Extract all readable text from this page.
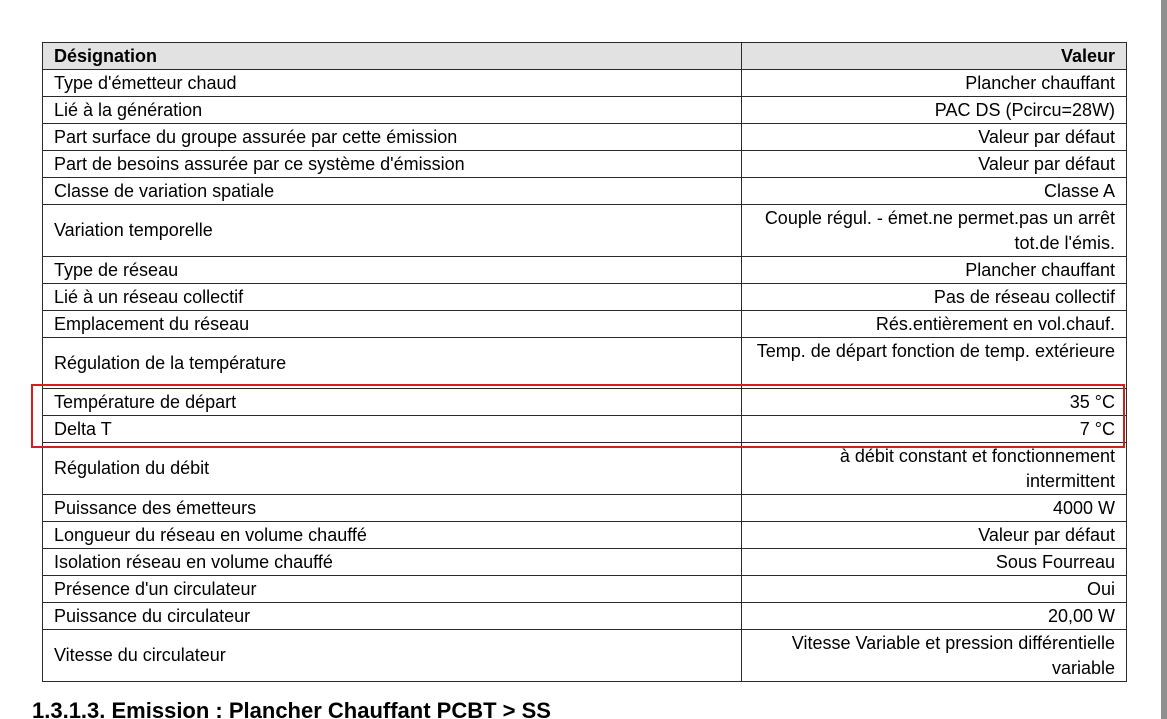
Désignation	Valeur
Type d'émetteur chaud	Plancher chauffant
Lié à la génération	PAC DS (Pcircu=28W)
Part surface du groupe assurée par cette émission	Valeur par défaut
Part de besoins assurée par ce système d'émission	Valeur par défaut
Classe de variation spatiale	Classe A
Variation temporelle	Couple régul. - émet.ne permet.pas un arrêt tot.de l'émis.
Type de réseau	Plancher chauffant
Lié à un réseau collectif	Pas de réseau collectif
Emplacement du réseau	Rés.entièrement en vol.chauf.
Régulation de la température	Temp. de départ fonction de temp. extérieure
Température de départ	35 °C
Delta T	7 °C
Régulation du débit	à débit constant et fonctionnement intermittent
Puissance des émetteurs	4000 W
Longueur du réseau en volume chauffé	Valeur par défaut
Isolation réseau en volume chauffé	Sous Fourreau
Présence d'un circulateur	Oui
Puissance du circulateur	20,00 W
Vitesse du circulateur	Vitesse Variable et pression différentielle variable
1.3.1.3. Emission : Plancher Chauffant PCBT > SS
